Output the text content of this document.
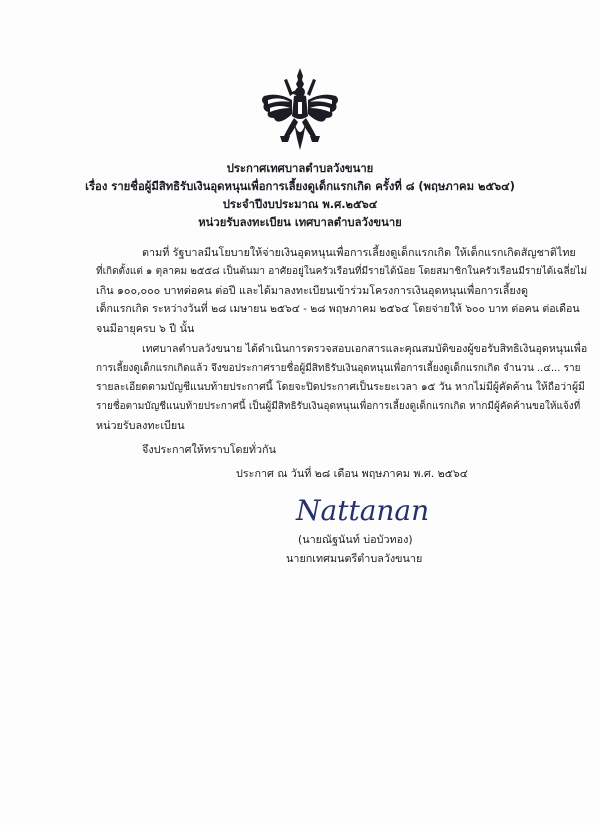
ประกาศเทศบาลตำบลวังขนาย
เรื่อง รายชื่อผู้มีสิทธิรับเงินอุดหนุนเพื่อการเลี้ยงดูเด็กแรกเกิด ครั้งที่ ๘ (พฤษภาคม ๒๕๖๔)
ประจำปีงบประมาณ พ.ศ.๒๕๖๔
หน่วยรับลงทะเบียน เทศบาลตำบลวังขนาย
ตามที่ รัฐบาลมีนโยบายให้จ่ายเงินอุดหนุนเพื่อการเลี้ยงดูเด็กแรกเกิด ให้เด็กแรกเกิดสัญชาติไทย
ที่เกิดตั้งแต่ ๑ ตุลาคม ๒๕๕๘ เป็นต้นมา อาศัยอยู่ในครัวเรือนที่มีรายได้น้อย โดยสมาชิกในครัวเรือนมีรายได้เฉลี่ยไม่
เกิน ๑๐๐,๐๐๐ บาทต่อคน ต่อปี และได้มาลงทะเบียนเข้าร่วมโครงการเงินอุดหนุนเพื่อการเลี้ยงดู
เด็กแรกเกิด ระหว่างวันที่ ๒๘ เมษายน ๒๕๖๔ - ๒๘ พฤษภาคม ๒๕๖๔ โดยจ่ายให้ ๖๐๐ บาท ต่อคน ต่อเดือน
จนมีอายุครบ ๖ ปี นั้น
เทศบาลตำบลวังขนาย ได้ดำเนินการตรวจสอบเอกสารและคุณสมบัติของผู้ขอรับสิทธิเงินอุดหนุนเพื่อ
การเลี้ยงดูเด็กแรกเกิดแล้ว จึงขอประกาศรายชื่อผู้มีสิทธิรับเงินอุดหนุนเพื่อการเลี้ยงดูเด็กแรกเกิด จำนวน ..๔... ราย
รายละเอียดตามบัญชีแนบท้ายประกาศนี้ โดยจะปิดประกาศเป็นระยะเวลา ๑๕ วัน หากไม่มีผู้คัดค้าน ให้ถือว่าผู้มี
รายชื่อตามบัญชีแนบท้ายประกาศนี้ เป็นผู้มีสิทธิรับเงินอุดหนุนเพื่อการเลี้ยงดูเด็กแรกเกิด หากมีผู้คัดค้านขอให้แจ้งที่
หน่วยรับลงทะเบียน
จึงประกาศให้ทราบโดยทั่วกัน
ประกาศ ณ วันที่ ๒๘ เดือน พฤษภาคม พ.ศ. ๒๕๖๔
Nattanan
(นายณัฐนันท์ บ่อบัวทอง)
นายกเทศมนตรีตำบลวังขนาย
